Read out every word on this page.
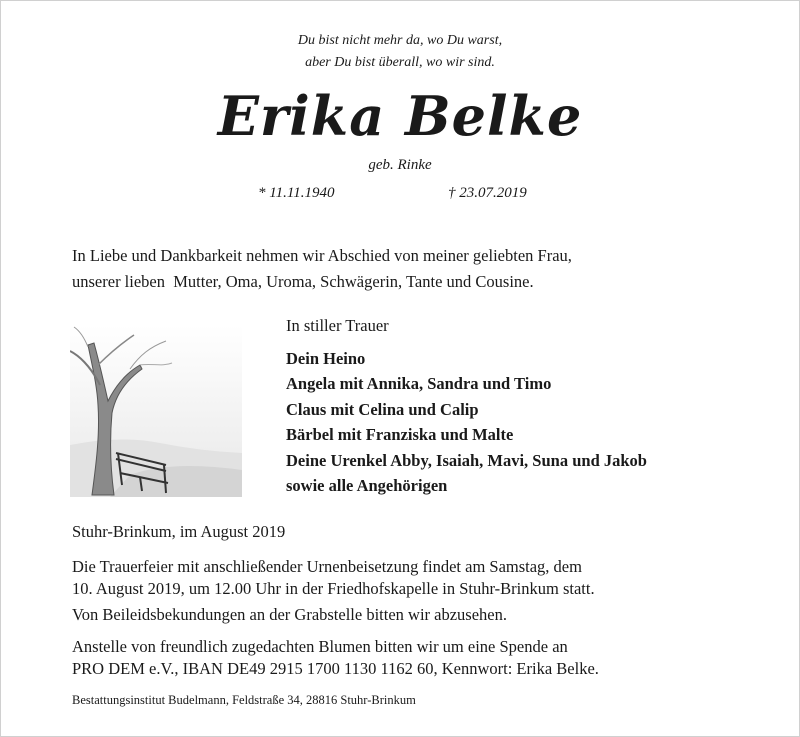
Du bist nicht mehr da, wo Du warst,
aber Du bist überall, wo wir sind.
Erika Belke
geb. Rinke
* 11.11.1940	† 23.07.2019
In Liebe und Dankbarkeit nehmen wir Abschied von meiner geliebten Frau,
unserer lieben  Mutter, Oma, Uroma, Schwägerin, Tante und Cousine.
In stiller Trauer
Dein Heino
Angela mit Annika, Sandra und Timo
Claus mit Celina und Calip
Bärbel mit Franziska und Malte
Deine Urenkel Abby, Isaiah, Mavi, Suna und Jakob
sowie alle Angehörigen
Stuhr-Brinkum, im August 2019
Die Trauerfeier mit anschließender Urnenbeisetzung findet am Samstag, dem
10. August 2019, um 12.00 Uhr in der Friedhofskapelle in Stuhr-Brinkum statt.
Von Beileidsbekundungen an der Grabstelle bitten wir abzusehen.
Anstelle von freundlich zugedachten Blumen bitten wir um eine Spende an
PRO DEM e.V., IBAN DE49 2915 1700 1130 1162 60, Kennwort: Erika Belke.
Bestattungsinstitut Budelmann, Feldstraße 34, 28816 Stuhr-Brinkum
